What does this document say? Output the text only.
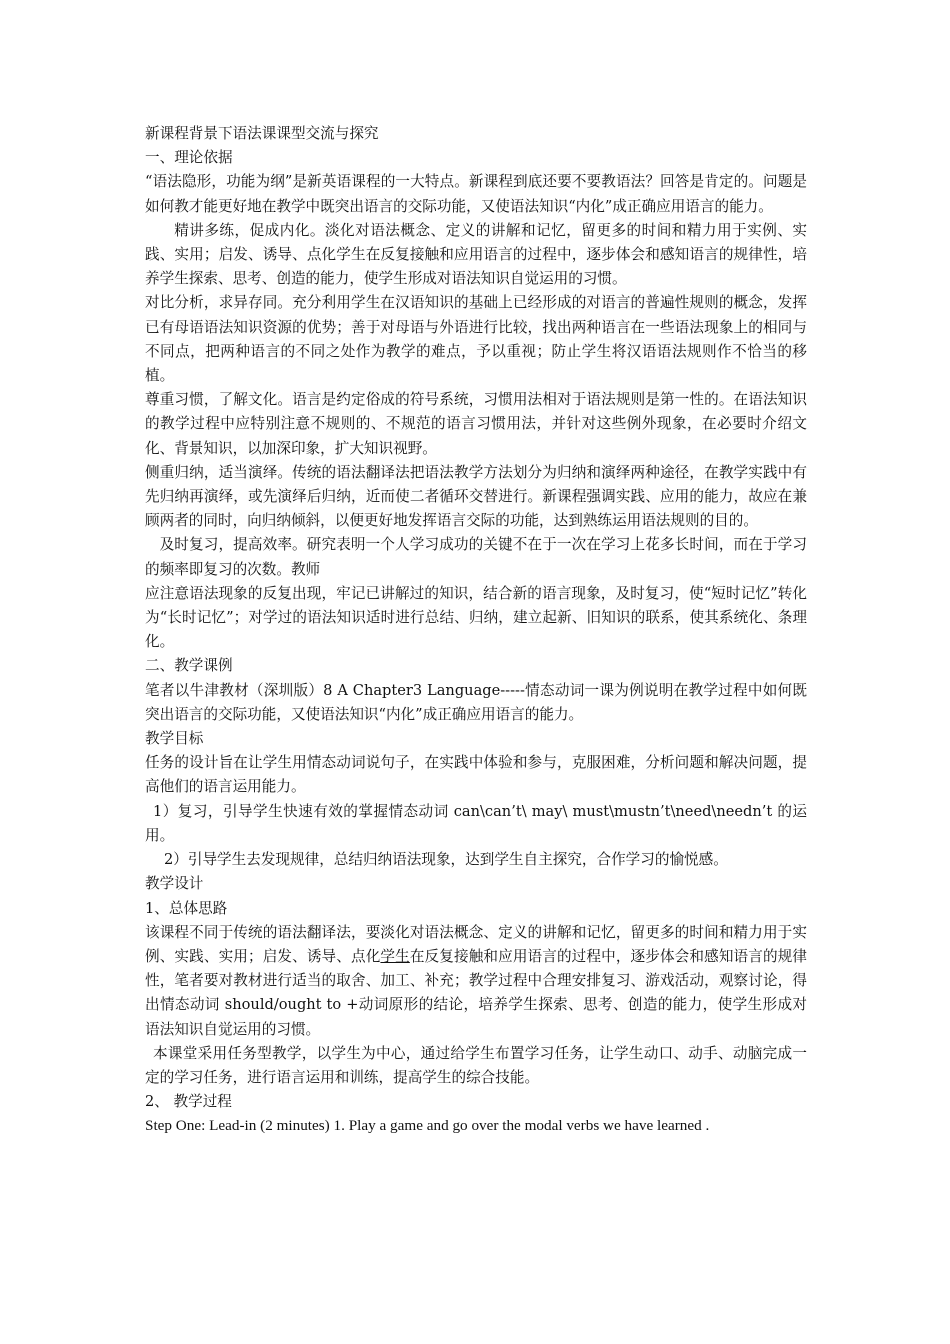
新课程背景下语法课课型交流与探究

一、理论依据

“语法隐形，功能为纲”是新英语课程的一大特点。新课程到底还要不要教语法？回答是肯定的。问题是如何教才能更好地在教学中既突出语言的交际功能，又使语法知识“内化”成正确应用语言的能力。

精讲多练，促成内化。淡化对语法概念、定义的讲解和记忆，留更多的时间和精力用于实例、实践、实用；启发、诱导、点化学生在反复接触和应用语言的过程中，逐步体会和感知语言的规律性，培养学生探索、思考、创造的能力，使学生形成对语法知识自觉运用的习惯。

对比分析，求异存同。充分利用学生在汉语知识的基础上已经形成的对语言的普遍性规则的概念，发挥已有母语语法知识资源的优势；善于对母语与外语进行比较，找出两种语言在一些语法现象上的相同与不同点，把两种语言的不同之处作为教学的难点，予以重视；防止学生将汉语语法规则作不恰当的移植。

尊重习惯，了解文化。语言是约定俗成的符号系统，习惯用法相对于语法规则是第一性的。在语法知识的教学过程中应特别注意不规则的、不规范的语言习惯用法，并针对这些例外现象，在必要时介绍文化、背景知识，以加深印象，扩大知识视野。

侧重归纳，适当演绎。传统的语法翻译法把语法教学方法划分为归纳和演绎两种途径，在教学实践中有先归纳再演绎，或先演绎后归纳，近而使二者循环交替进行。新课程强调实践、应用的能力，故应在兼顾两者的同时，向归纳倾斜，以便更好地发挥语言交际的功能，达到熟练运用语法规则的目的。

及时复习，提高效率。研究表明一个人学习成功的关键不在于一次在学习上花多长时间，而在于学习的频率即复习的次数。教师

应注意语法现象的反复出现，牢记已讲解过的知识，结合新的语言现象，及时复习，使“短时记忆”转化为“长时记忆”；对学过的语法知识适时进行总结、归纳，建立起新、旧知识的联系，使其系统化、条理化。

二、教学课例

笔者以牛津教材（深圳版）8 A Chapter3 Language-----情态动词一课为例说明在教学过程中如何既突出语言的交际功能，又使语法知识“内化”成正确应用语言的能力。

教学目标

任务的设计旨在让学生用情态动词说句子，在实践中体验和参与，克服困难，分析问题和解决问题，提高他们的语言运用能力。

1）复习，引导学生快速有效的掌握情态动词 can\can’t\ may\ must\mustn’t\need\needn’t 的运用。

2）引导学生去发现规律，总结归纳语法现象，达到学生自主探究，合作学习的愉悦感。

教学设计

1、总体思路

该课程不同于传统的语法翻译法，要淡化对语法概念、定义的讲解和记忆，留更多的时间和精力用于实例、实践、实用；启发、诱导、点化学生在反复接触和应用语言的过程中，逐步体会和感知语言的规律性，笔者要对教材进行适当的取舍、加工、补充；教学过程中合理安排复习、游戏活动，观察讨论，得出情态动词 should/ought to +动词原形的结论，培养学生探索、思考、创造的能力，使学生形成对语法知识自觉运用的习惯。

本课堂采用任务型教学，以学生为中心，通过给学生布置学习任务，让学生动口、动手、动脑完成一定的学习任务，进行语言运用和训练，提高学生的综合技能。

2、 教学过程

Step One: Lead-in (2 minutes) 1. Play a game and go over the modal verbs we have learned .
